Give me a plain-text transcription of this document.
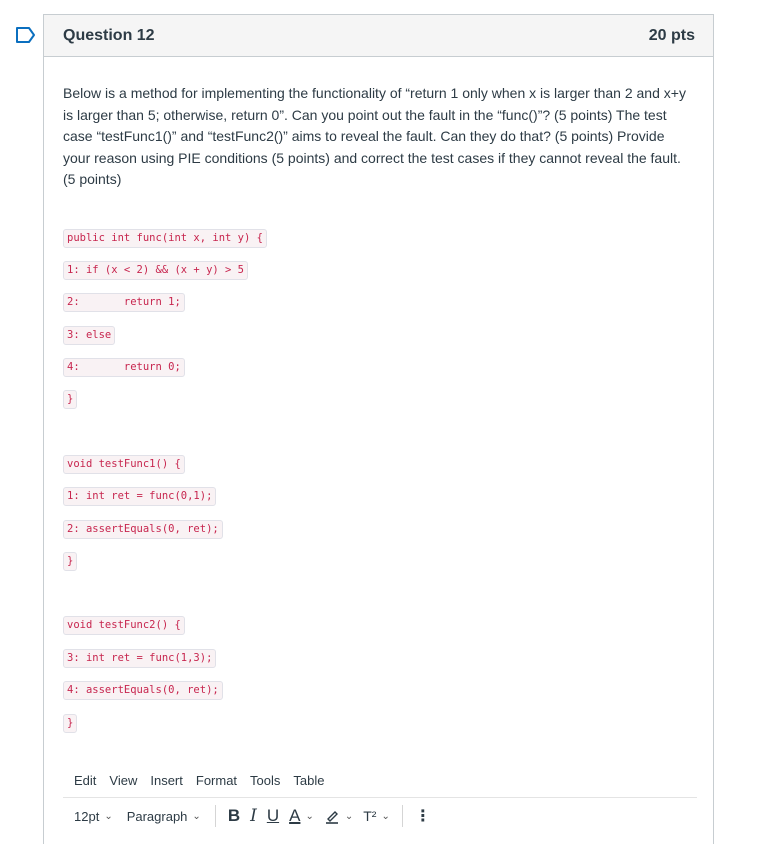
Question 12	20 pts

Below is a method for implementing the functionality of “return 1 only when x is larger than 2 and x+y is larger than 5; otherwise, return 0”. Can you point out the fault in the “func()”? (5 points) The test case “testFunc1()” and “testFunc2()” aims to reveal the fault. Can they do that? (5 points) Provide your reason using PIE conditions (5 points) and correct the test cases if they cannot reveal the fault. (5 points)

public int func(int x, int y) {
1: if (x < 2) && (x + y) > 5
2:       return 1;
3: else
4:       return 0;
}
void testFunc1() {
1: int ret = func(0,1);
2: assertEquals(0, ret);
}
void testFunc2() {
3: int ret = func(1,3);
4: assertEquals(0, ret);
}
Edit View Insert Format Tools Table
12pt ⌄ Paragraph ⌄ B I U A ⌄	⌄ T² ⌄ ⋮
